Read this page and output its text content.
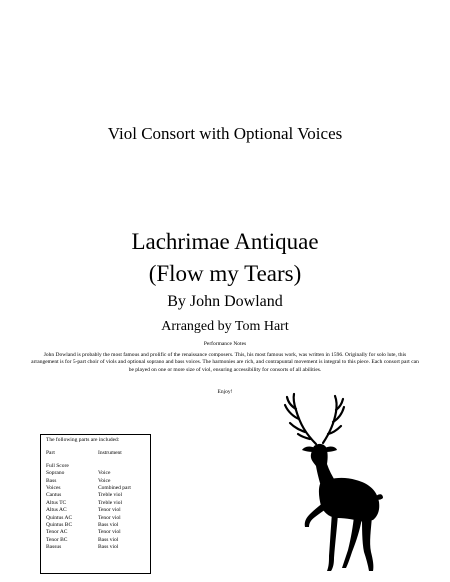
Viol Consort with Optional Voices
Lachrimae Antiquae
(Flow my Tears)
By John Dowland
Arranged by Tom Hart
Performance Notes
John Dowland is probably the most famous and prolific of the renaissance composers. This, his most famous work, was written in 1596. Originally for solo lute, this arrangement is for 5-part choir of viols and optional soprano and bass voices. The harmonies are rich, and contrapuntal movement is integral to this piece. Each consort part can be played on one or more size of viol, ensuring accessibility for consorts of all abilities.
Enjoy!
The following parts are included:
Part	Instrument
Full Score
Soprano	Voice
Bass	Voice
Voices	Combined part
Cantus	Treble viol
Altus TC	Treble viol
Altus AC	Tenor viol
Quintus AC	Tenor viol
Quintus BC	Bass viol
Tenor AC	Tenor viol
Tenor BC	Bass viol
Bassus	Bass viol
